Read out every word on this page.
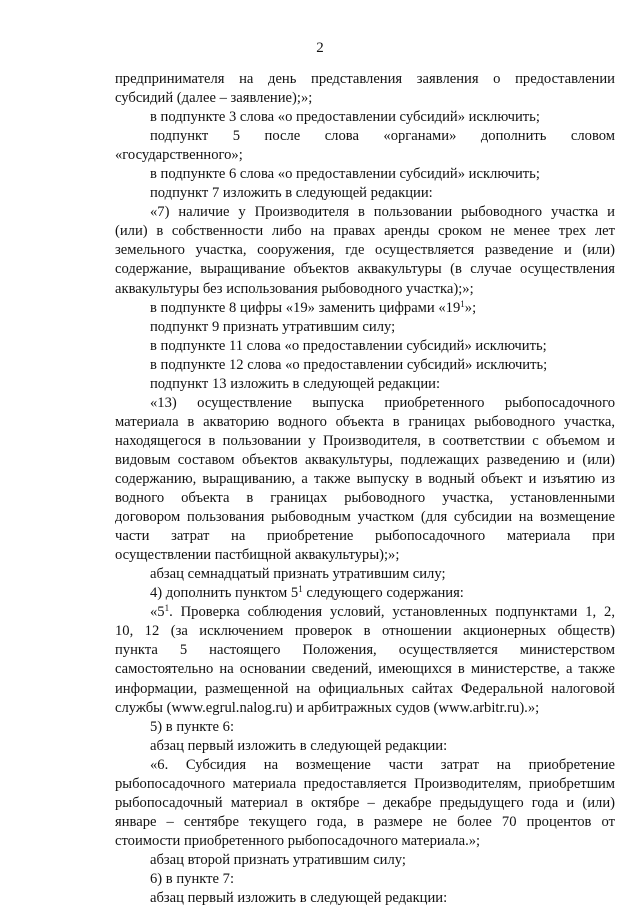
2
предпринимателя на день представления заявления о предоставлении
субсидий (далее – заявление);»;
в подпункте 3 слова «о предоставлении субсидий» исключить;
подпункт 5 после слова «органами» дополнить словом
«государственного»;
в подпункте 6 слова «о предоставлении субсидий» исключить;
подпункт 7 изложить в следующей редакции:
«7) наличие у Производителя в пользовании рыбоводного участка и
(или) в собственности либо на правах аренды сроком не менее трех лет
земельного участка, сооружения, где осуществляется разведение и (или)
содержание, выращивание объектов аквакультуры (в случае осуществления
аквакультуры без использования рыбоводного участка);»;
в подпункте 8 цифры «19» заменить цифрами «$19^1$»;
подпункт 9 признать утратившим силу;
в подпункте 11 слова «о предоставлении субсидий» исключить;
в подпункте 12 слова «о предоставлении субсидий» исключить;
подпункт 13 изложить в следующей редакции:
«13) осуществление выпуска приобретенного рыбопосадочного
материала в акваторию водного объекта в границах рыбоводного участка,
находящегося в пользовании у Производителя, в соответствии с объемом и
видовым составом объектов аквакультуры, подлежащих разведению и (или)
содержанию, выращиванию, а также выпуску в водный объект и изъятию из
водного объекта в границах рыбоводного участка, установленными
договором пользования рыбоводным участком (для субсидии на возмещение
части затрат на приобретение рыбопосадочного материала при
осуществлении пастбищной аквакультуры);»;
абзац семнадцатый признать утратившим силу;
4) дополнить пунктом $5^1$ следующего содержания:
«$5^1$. Проверка соблюдения условий, установленных подпунктами 1, 2,
10, 12 (за исключением проверок в отношении акционерных обществ)
пункта 5 настоящего Положения, осуществляется министерством
самостоятельно на основании сведений, имеющихся в министерстве, а также
информации, размещенной на официальных сайтах Федеральной налоговой
службы (www.egrul.nalog.ru) и арбитражных судов (www.arbitr.ru).»;
5) в пункте 6:
абзац первый изложить в следующей редакции:
«6. Субсидия на возмещение части затрат на приобретение
рыбопосадочного материала предоставляется Производителям, приобретшим
рыбопосадочный материал в октябре – декабре предыдущего года и (или)
январе – сентябре текущего года, в размере не более 70 процентов от
стоимости приобретенного рыбопосадочного материала.»;
абзац второй признать утратившим силу;
6) в пункте 7:
абзац первый изложить в следующей редакции:
